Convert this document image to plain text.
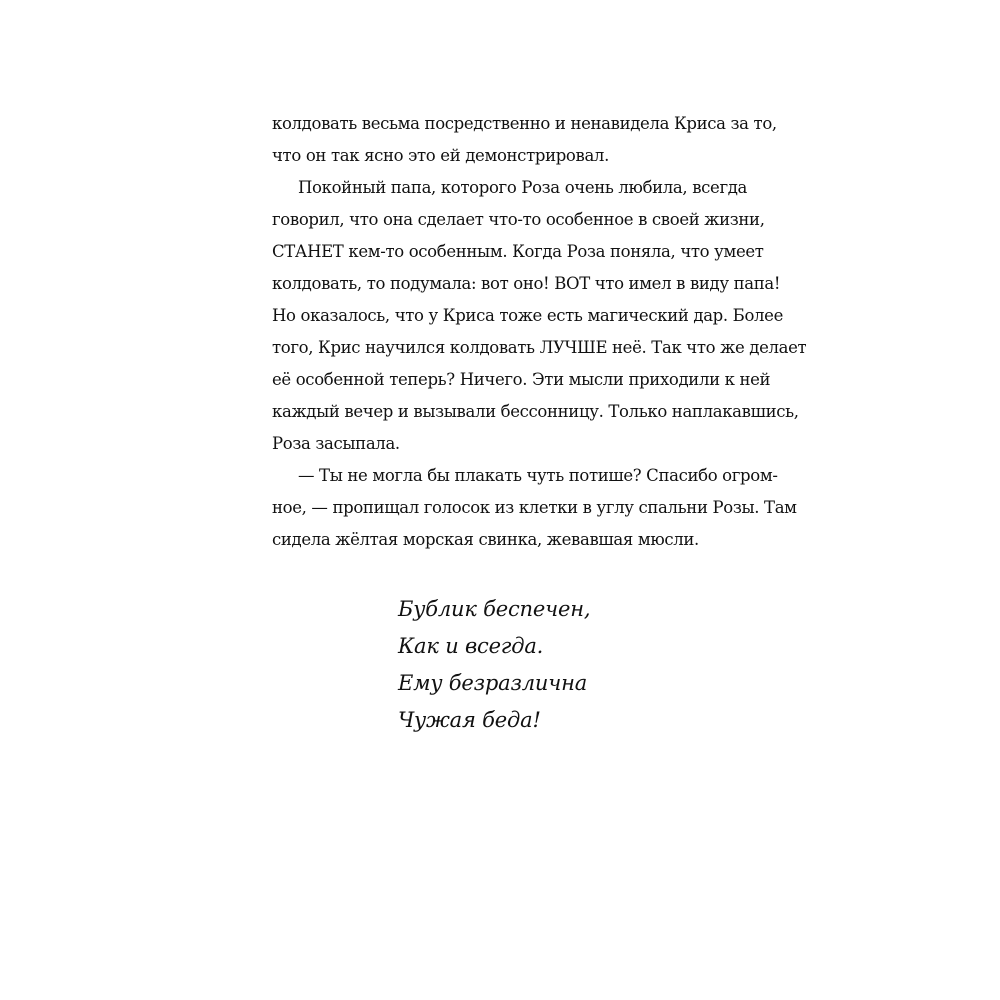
колдовать весьма посредственно и ненавидела Криса за то,
что он так ясно это ей демонстрировал.
Покойный папа, которого Роза очень любила, всегда
говорил, что она сделает что-то особенное в своей жизни,
СТАНЕТ кем-то особенным. Когда Роза поняла, что умеет
колдовать, то подумала: вот оно! ВОТ что имел в виду папа!
Но оказалось, что у Криса тоже есть магический дар. Более
того, Крис научился колдовать ЛУЧШЕ неё. Так что же делает
её особенной теперь? Ничего. Эти мысли приходили к ней
каждый вечер и вызывали бессонницу. Только наплакавшись,
Роза засыпала.
— Ты не могла бы плакать чуть потише? Спасибо огром-
ное, — пропищал голосок из клетки в углу спальни Розы. Там
сидела жёлтая морская свинка, жевавшая мюсли.
Бублик беспечен,
Как и всегда.
Ему безразлична
Чужая беда!
